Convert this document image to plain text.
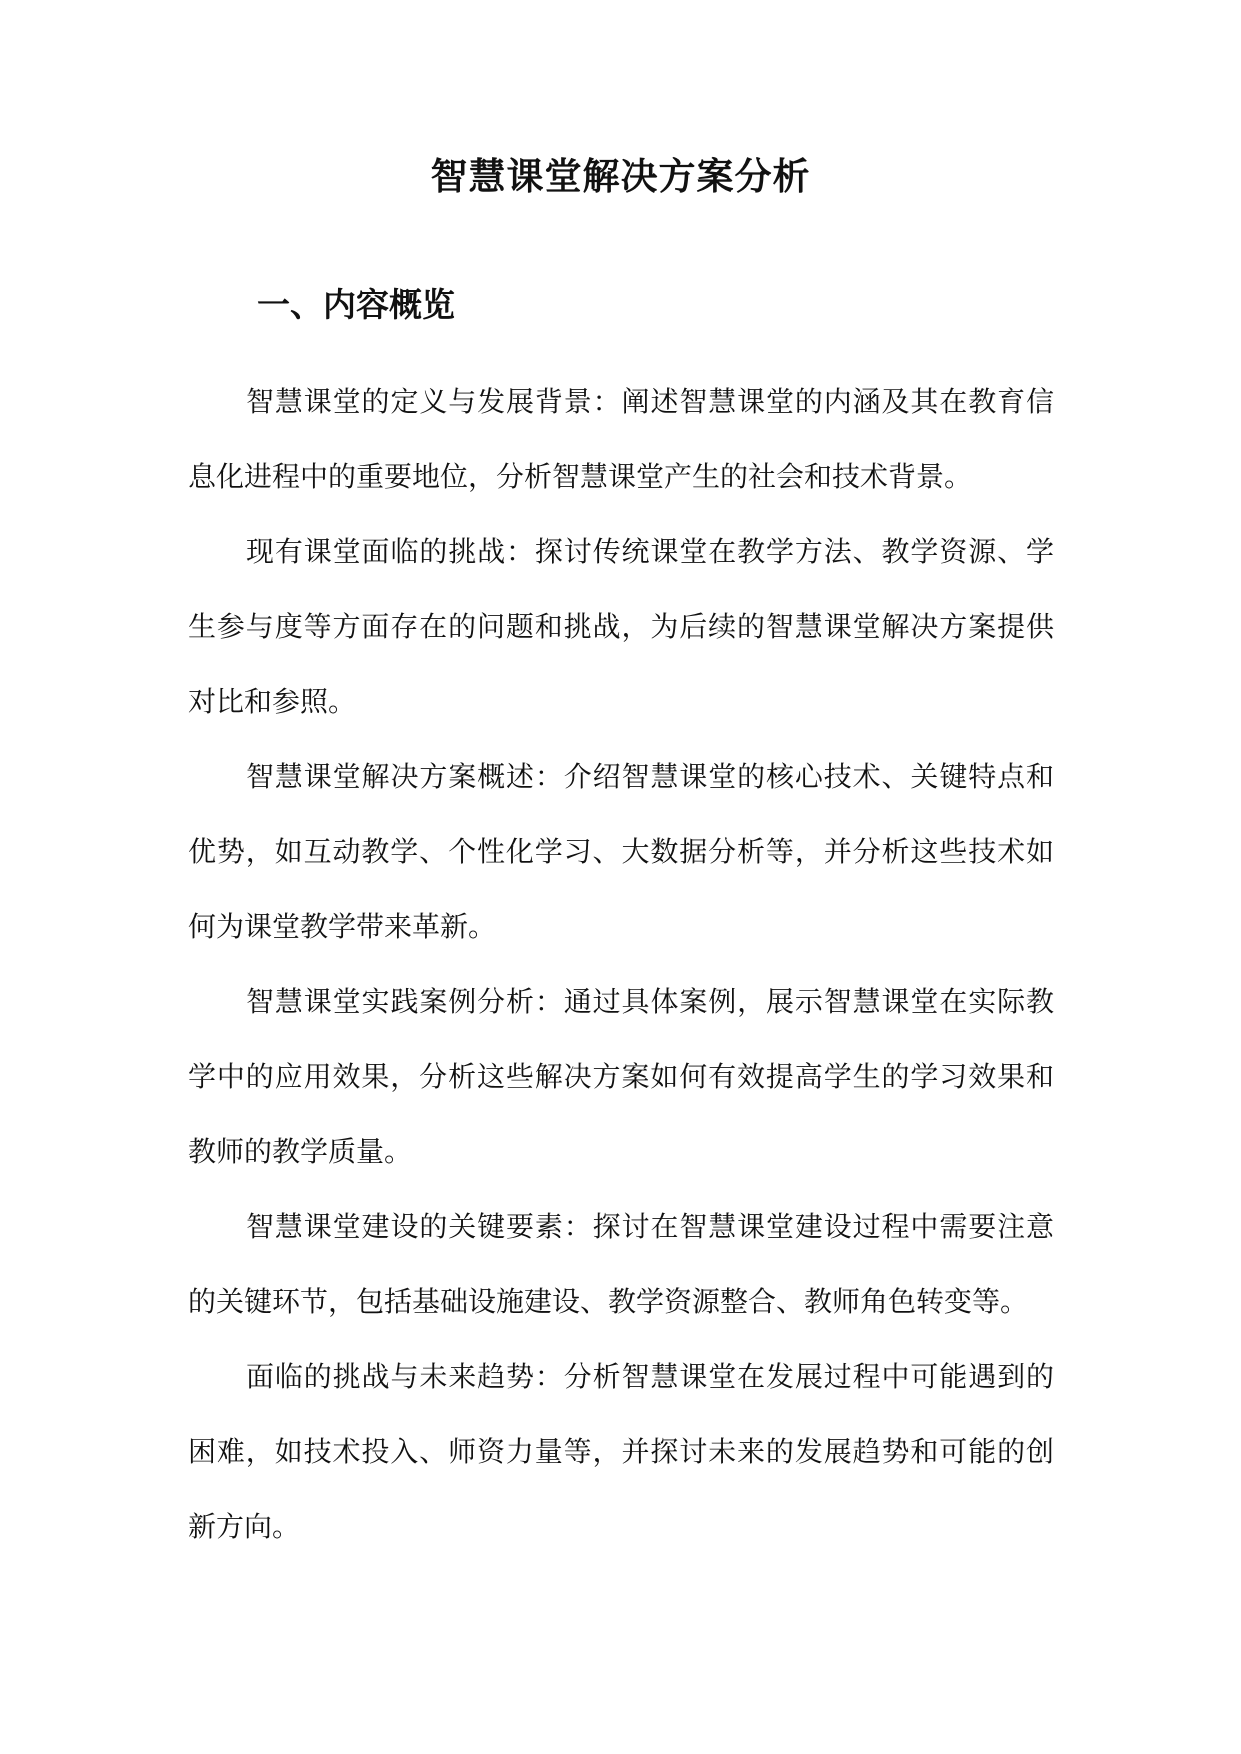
智慧课堂解决方案分析
一、内容概览

智慧课堂的定义与发展背景：阐述智慧课堂的内涵及其在教育信息化进程中的重要地位，分析智慧课堂产生的社会和技术背景。

现有课堂面临的挑战：探讨传统课堂在教学方法、教学资源、学生参与度等方面存在的问题和挑战，为后续的智慧课堂解决方案提供对比和参照。

智慧课堂解决方案概述：介绍智慧课堂的核心技术、关键特点和优势，如互动教学、个性化学习、大数据分析等，并分析这些技术如何为课堂教学带来革新。

智慧课堂实践案例分析：通过具体案例，展示智慧课堂在实际教学中的应用效果，分析这些解决方案如何有效提高学生的学习效果和教师的教学质量。

智慧课堂建设的关键要素：探讨在智慧课堂建设过程中需要注意的关键环节，包括基础设施建设、教学资源整合、教师角色转变等。

面临的挑战与未来趋势：分析智慧课堂在发展过程中可能遇到的困难，如技术投入、师资力量等，并探讨未来的发展趋势和可能的创新方向。
